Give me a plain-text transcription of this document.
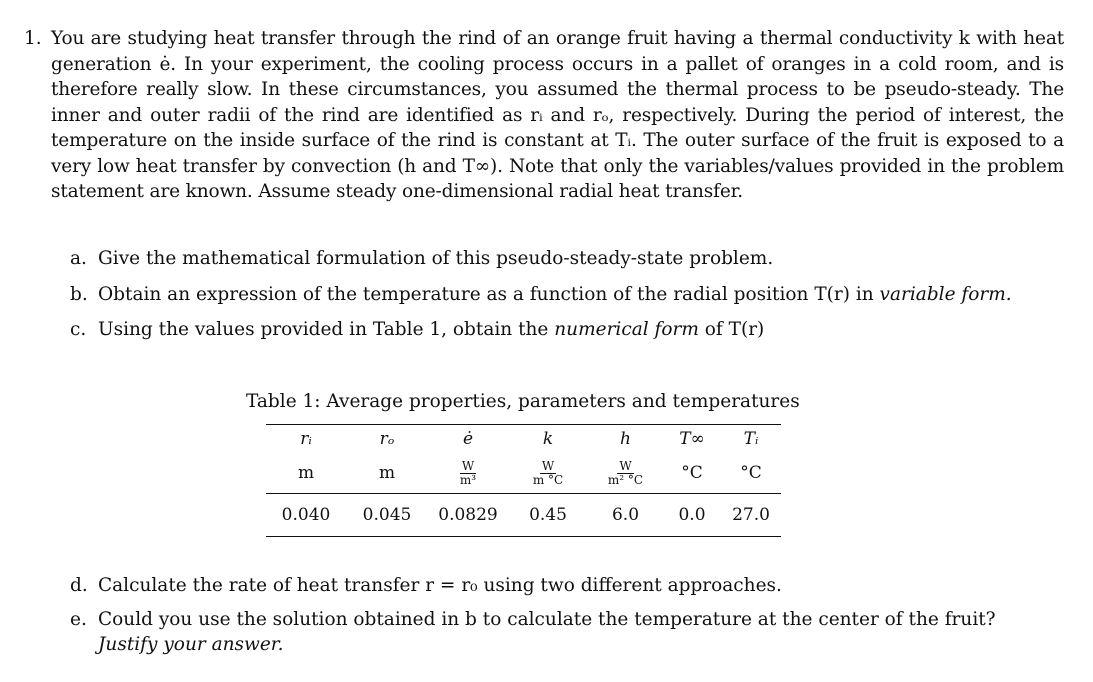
1. You are studying heat transfer through the rind of an orange fruit having a thermal conductivity k with heat generation ė. In your experiment, the cooling process occurs in a pallet of oranges in a cold room, and is therefore really slow. In these circumstances, you assumed the thermal process to be pseudo-steady. The inner and outer radii of the rind are identified as rᵢ and rₒ, respectively. During the period of interest, the temperature on the inside surface of the rind is constant at Tᵢ. The outer surface of the fruit is exposed to a very low heat transfer by convection (h and T∞). Note that only the variables/values provided in the problem statement are known. Assume steady one-dimensional radial heat transfer.
a. Give the mathematical formulation of this pseudo-steady-state problem.
b. Obtain an expression of the temperature as a function of the radial position T(r) in variable form.
c. Using the values provided in Table 1, obtain the numerical form of T(r)
Table 1: Average properties, parameters and temperatures
rᵢ	rₒ	ė	k	h	T∞	Tᵢ
m	m	$\frac{W}{\text{m³}}$	$\frac{W}{m ^\circ C}$	$\frac{W}{\text{m² °C}}$	°C	°C
0.040	0.045	0.0829	0.45	6.0	0.0	27.0
d. Calculate the rate of heat transfer r = r₀ using two different approaches.
e. Could you use the solution obtained in b to calculate the temperature at the center of the fruit? Justify your answer.
